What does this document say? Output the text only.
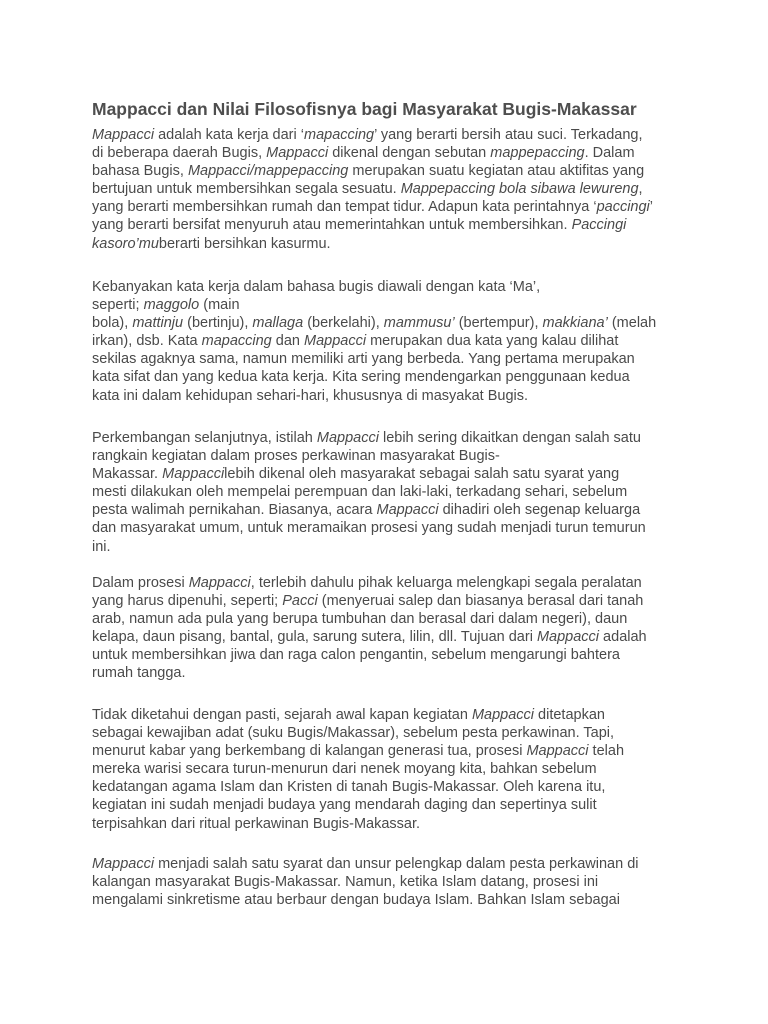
Mappacci dan Nilai Filosofisnya bagi Masyarakat Bugis-Makassar

Mappacci adalah kata kerja dari ‘mapaccing’ yang berarti bersih atau suci. Terkadang,
di beberapa daerah Bugis, Mappacci dikenal dengan sebutan mappepaccing. Dalam
bahasa Bugis, Mappacci/mappepaccing merupakan suatu kegiatan atau aktifitas yang
bertujuan untuk membersihkan segala sesuatu. Mappepaccing bola sibawa lewureng,
yang berarti membersihkan rumah dan tempat tidur. Adapun kata perintahnya ‘paccingi’
yang berarti bersifat menyuruh atau memerintahkan untuk membersihkan. Paccingi
kasoro’muberarti bersihkan kasurmu.

Kebanyakan kata kerja dalam bahasa bugis diawali dengan kata ‘Ma’,
seperti; maggolo (main
bola), mattinju (bertinju), mallaga (berkelahi), mammusu’ (bertempur), makkiana’ (melah
irkan), dsb. Kata mapaccing dan Mappacci merupakan dua kata yang kalau dilihat
sekilas agaknya sama, namun memiliki arti yang berbeda. Yang pertama merupakan
kata sifat dan yang kedua kata kerja. Kita sering mendengarkan penggunaan kedua
kata ini dalam kehidupan sehari-hari, khususnya di masyakat Bugis.

Perkembangan selanjutnya, istilah Mappacci lebih sering dikaitkan dengan salah satu
rangkain kegiatan dalam proses perkawinan masyarakat Bugis-
Makassar. Mappaccilebih dikenal oleh masyarakat sebagai salah satu syarat yang
mesti dilakukan oleh mempelai perempuan dan laki-laki, terkadang sehari, sebelum
pesta walimah pernikahan. Biasanya, acara Mappacci dihadiri oleh segenap keluarga
dan masyarakat umum, untuk meramaikan prosesi yang sudah menjadi turun temurun
ini.

Dalam prosesi Mappacci, terlebih dahulu pihak keluarga melengkapi segala peralatan
yang harus dipenuhi, seperti; Pacci (menyeruai salep dan biasanya berasal dari tanah
arab, namun ada pula yang berupa tumbuhan dan berasal dari dalam negeri), daun
kelapa, daun pisang, bantal, gula, sarung sutera, lilin, dll. Tujuan dari Mappacci adalah
untuk membersihkan jiwa dan raga calon pengantin, sebelum mengarungi bahtera
rumah tangga.

Tidak diketahui dengan pasti, sejarah awal kapan kegiatan Mappacci ditetapkan
sebagai kewajiban adat (suku Bugis/Makassar), sebelum pesta perkawinan. Tapi,
menurut kabar yang berkembang di kalangan generasi tua, prosesi Mappacci telah
mereka warisi secara turun-menurun dari nenek moyang kita, bahkan sebelum
kedatangan agama Islam dan Kristen di tanah Bugis-Makassar. Oleh karena itu,
kegiatan ini sudah menjadi budaya yang mendarah daging dan sepertinya sulit
terpisahkan dari ritual perkawinan Bugis-Makassar.

Mappacci menjadi salah satu syarat dan unsur pelengkap dalam pesta perkawinan di
kalangan masyarakat Bugis-Makassar. Namun, ketika Islam datang, prosesi ini
mengalami sinkretisme atau berbaur dengan budaya Islam. Bahkan Islam sebagai
